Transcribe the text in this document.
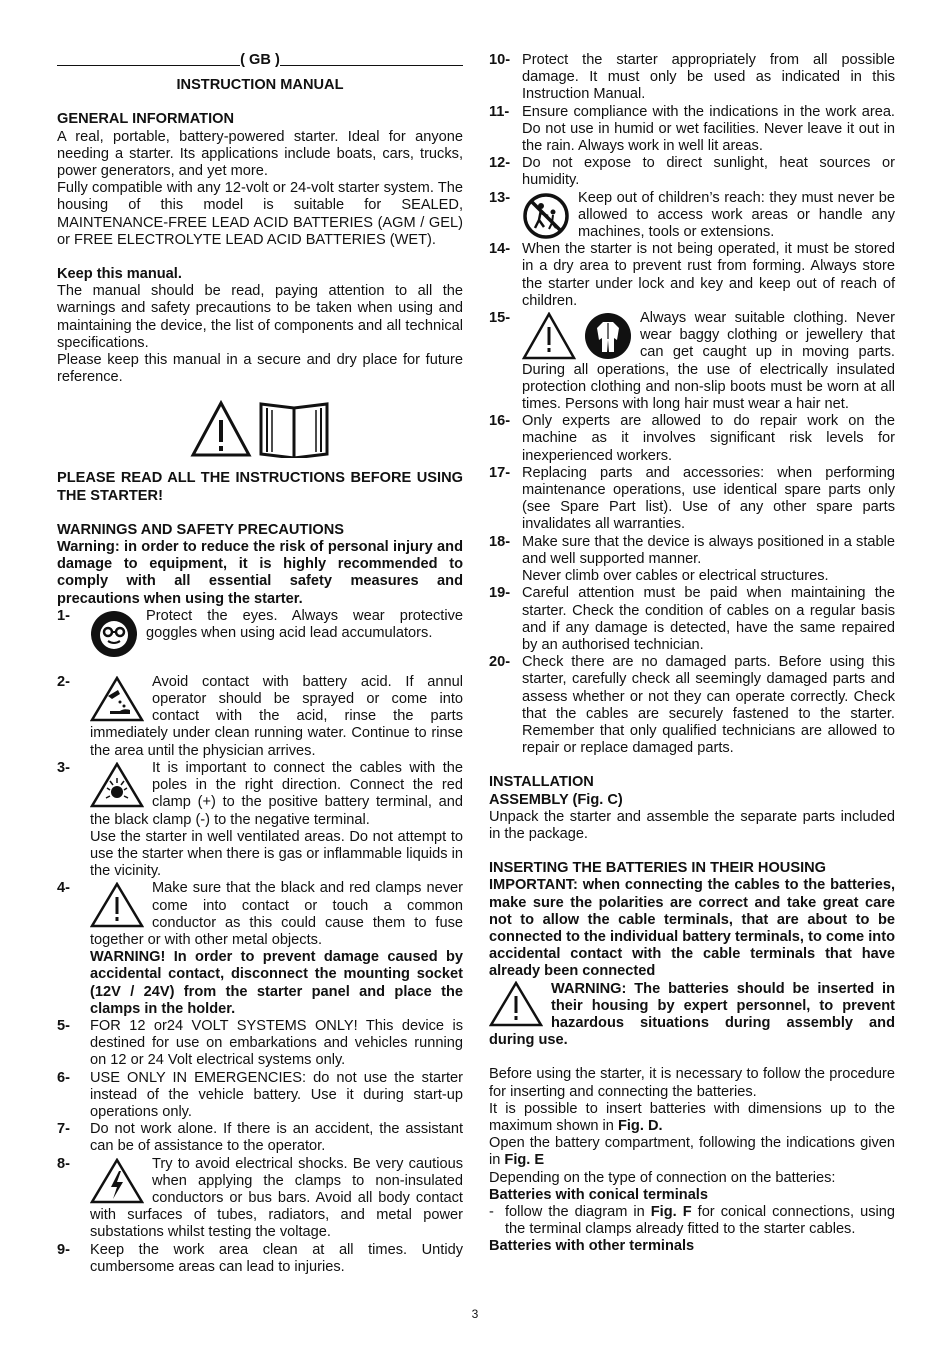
( GB )

INSTRUCTION MANUAL

GENERAL INFORMATION

A real, portable, battery-powered starter. Ideal for anyone needing a starter. Its applications include boats, cars, trucks, power generators, and yet more.

Fully compatible with any 12-volt or 24-volt starter system. The housing of this model is suitable for SEALED, MAINTENANCE-FREE LEAD ACID BATTERIES (AGM / GEL) or FREE ELECTROLYTE LEAD ACID BATTERIES (WET).

Keep this manual.

The manual should be read, paying attention to all the warnings and safety precautions to be taken when using and maintaining the device, the list of components and all technical specifications.

Please keep this manual in a secure and dry place for future reference.

PLEASE READ ALL THE INSTRUCTIONS BEFORE USING THE STARTER!

WARNINGS AND SAFETY PRECAUTIONS

Warning: in order to reduce the risk of personal injury and damage to equipment, it is highly recommended to comply with all essential safety measures and precautions when using the starter.

1-	Protect the eyes. Always wear protective goggles when using acid lead accumulators.
2-	Avoid contact with battery acid. If annul operator should be sprayed or come into contact with the acid, rinse the parts immediately under clean running water. Continue to rinse the area until the physician arrives.
3-	It is important to connect the cables with the poles in the right direction. Connect the red clamp (+) to the positive battery terminal, and the black clamp (-) to the negative terminal.
Use the starter in well ventilated areas. Do not attempt to use the starter when there is gas or inflammable liquids in the vicinity.
4-	Make sure that the black and red clamps never come into contact or touch a common conductor as this could cause them to fuse together or with other metal objects.
WARNING! In order to prevent damage caused by accidental contact, disconnect the mounting socket (12V / 24V) from the starter panel and place the clamps in the holder.
5-	FOR 12 or24 VOLT SYSTEMS ONLY! This device is destined for use on embarkations and vehicles running on 12 or 24 Volt electrical systems only.
6-	USE ONLY IN EMERGENCIES: do not use the starter instead of the vehicle battery. Use it during start-up operations only.
7-	Do not work alone. If there is an accident, the assistant can be of assistance to the operator.
8-	Try to avoid electrical shocks. Be very cautious when applying the clamps to non-insulated conductors or bus bars. Avoid all body contact with surfaces of tubes, radiators, and metal power substations whilst testing the voltage.
9-	Keep the work area clean at all times. Untidy cumbersome areas can lead to injuries.
10- Protect the starter appropriately from all possible damage. It must only be used as indicated in this Instruction Manual.
11- Ensure compliance with the indications in the work area. Do not use in humid or wet facilities. Never leave it out in the rain. Always work in well lit areas.
12- Do not expose to direct sunlight, heat sources or humidity.
13-	Keep out of children’s reach: they must never be allowed to access work areas or handle any machines, tools or extensions.
14- When the starter is not being operated, it must be stored in a dry area to prevent rust from forming. Always store the starter under lock and key and keep out of reach of children.
15-	Always wear suitable clothing. Never wear baggy clothing or jewellery that can get caught up in moving parts. During all operations, the use of electrically insulated protection clothing and non-slip boots must be worn at all times. Persons with long hair must wear a hair net.
16- Only experts are allowed to do repair work on the machine as it involves significant risk levels for inexperienced workers.
17- Replacing parts and accessories: when performing maintenance operations, use identical spare parts only (see Spare Part list). Use of any other spare parts invalidates all warranties.
18- Make sure that the device is always positioned in a stable and well supported manner.
Never climb over cables or electrical structures.
19- Careful attention must be paid when maintaining the starter. Check the condition of cables on a regular basis and if any damage is detected, have the same repaired by an authorised technician.
20- Check there are no damaged parts. Before using this starter, carefully check all seemingly damaged parts and assess whether or not they can operate correctly. Check that the cables are securely fastened to the starter. Remember that only qualified technicians are allowed to repair or replace damaged parts.

INSTALLATION

ASSEMBLY (Fig. C)

Unpack the starter and assemble the separate parts included in the package.

INSERTING THE BATTERIES IN THEIR HOUSING

IMPORTANT: when connecting the cables to the batteries, make sure the polarities are correct and take great care not to allow the cable terminals, that are about to be connected to the individual battery terminals, to come into accidental contact with the cable terminals that have already been connected

WARNING: The batteries should be inserted in their housing by expert personnel, to prevent hazardous situations during assembly and during use.

Before using the starter, it is necessary to follow the procedure for inserting and connecting the batteries.

It is possible to insert batteries with dimensions up to the maximum shown in Fig. D.

Open the battery compartment, following the indications given in Fig. E

Depending on the type of connection on the batteries:

Batteries with conical terminals

- follow the diagram in Fig. F for conical connections, using the terminal clamps already fitted to the starter cables.

Batteries with other terminals

3
